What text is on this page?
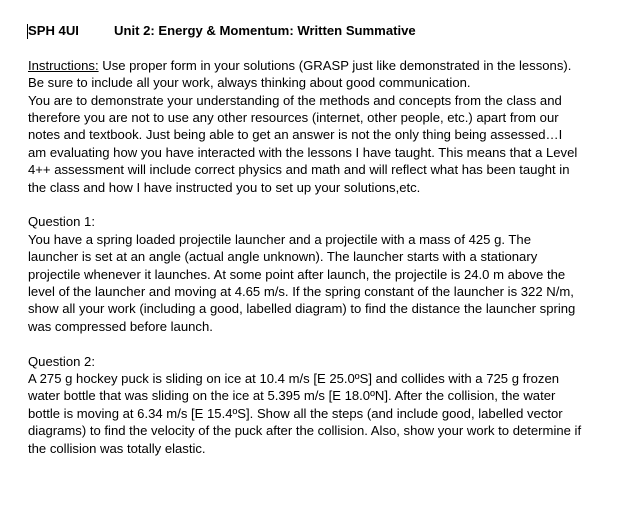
SPH 4UI	Unit 2: Energy & Momentum: Written Summative
Instructions: Use proper form in your solutions (GRASP just like demonstrated in the lessons).
Be sure to include all your work, always thinking about good communication.
You are to demonstrate your understanding of the methods and concepts from the class and
therefore you are not to use any other resources (internet, other people, etc.) apart from our
notes and textbook. Just being able to get an answer is not the only thing being assessed…I
am evaluating how you have interacted with the lessons I have taught. This means that a Level
4++ assessment will include correct physics and math and will reflect what has been taught in
the class and how I have instructed you to set up your solutions,etc.
Question 1:
You have a spring loaded projectile launcher and a projectile with a mass of 425 g. The
launcher is set at an angle (actual angle unknown). The launcher starts with a stationary
projectile whenever it launches. At some point after launch, the projectile is 24.0 m above the
level of the launcher and moving at 4.65 m/s. If the spring constant of the launcher is 322 N/m,
show all your work (including a good, labelled diagram) to find the distance the launcher spring
was compressed before launch.
Question 2:
A 275 g hockey puck is sliding on ice at 10.4 m/s [E 25.0ºS] and collides with a 725 g frozen
water bottle that was sliding on the ice at 5.395 m/s [E 18.0ºN]. After the collision, the water
bottle is moving at 6.34 m/s [E 15.4ºS]. Show all the steps (and include good, labelled vector
diagrams) to find the velocity of the puck after the collision. Also, show your work to determine if
the collision was totally elastic.
